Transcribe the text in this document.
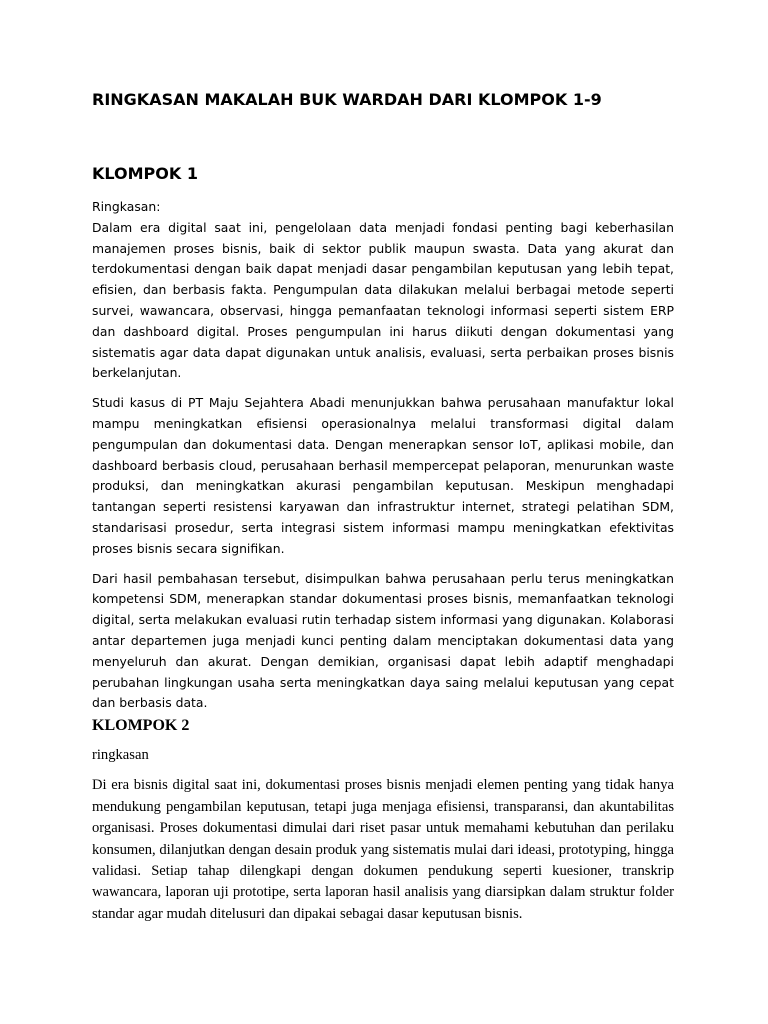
RINGKASAN MAKALAH BUK WARDAH DARI KLOMPOK 1-9
KLOMPOK 1
Ringkasan:

Dalam era digital saat ini, pengelolaan data menjadi fondasi penting bagi keberhasilan manajemen proses bisnis, baik di sektor publik maupun swasta. Data yang akurat dan terdokumentasi dengan baik dapat menjadi dasar pengambilan keputusan yang lebih tepat, efisien, dan berbasis fakta. Pengumpulan data dilakukan melalui berbagai metode seperti survei, wawancara, observasi, hingga pemanfaatan teknologi informasi seperti sistem ERP dan dashboard digital. Proses pengumpulan ini harus diikuti dengan dokumentasi yang sistematis agar data dapat digunakan untuk analisis, evaluasi, serta perbaikan proses bisnis berkelanjutan.

Studi kasus di PT Maju Sejahtera Abadi menunjukkan bahwa perusahaan manufaktur lokal mampu meningkatkan efisiensi operasionalnya melalui transformasi digital dalam pengumpulan dan dokumentasi data. Dengan menerapkan sensor IoT, aplikasi mobile, dan dashboard berbasis cloud, perusahaan berhasil mempercepat pelaporan, menurunkan waste produksi, dan meningkatkan akurasi pengambilan keputusan. Meskipun menghadapi tantangan seperti resistensi karyawan dan infrastruktur internet, strategi pelatihan SDM, standarisasi prosedur, serta integrasi sistem informasi mampu meningkatkan efektivitas proses bisnis secara signifikan.

Dari hasil pembahasan tersebut, disimpulkan bahwa perusahaan perlu terus meningkatkan kompetensi SDM, menerapkan standar dokumentasi proses bisnis, memanfaatkan teknologi digital, serta melakukan evaluasi rutin terhadap sistem informasi yang digunakan. Kolaborasi antar departemen juga menjadi kunci penting dalam menciptakan dokumentasi data yang menyeluruh dan akurat. Dengan demikian, organisasi dapat lebih adaptif menghadapi perubahan lingkungan usaha serta meningkatkan daya saing melalui keputusan yang cepat dan berbasis data.

KLOMPOK 2
ringkasan

Di era bisnis digital saat ini, dokumentasi proses bisnis menjadi elemen penting yang tidak hanya mendukung pengambilan keputusan, tetapi juga menjaga efisiensi, transparansi, dan akuntabilitas organisasi. Proses dokumentasi dimulai dari riset pasar untuk memahami kebutuhan dan perilaku konsumen, dilanjutkan dengan desain produk yang sistematis mulai dari ideasi, prototyping, hingga validasi. Setiap tahap dilengkapi dengan dokumen pendukung seperti kuesioner, transkrip wawancara, laporan uji prototipe, serta laporan hasil analisis yang diarsipkan dalam struktur folder standar agar mudah ditelusuri dan dipakai sebagai dasar keputusan bisnis.
